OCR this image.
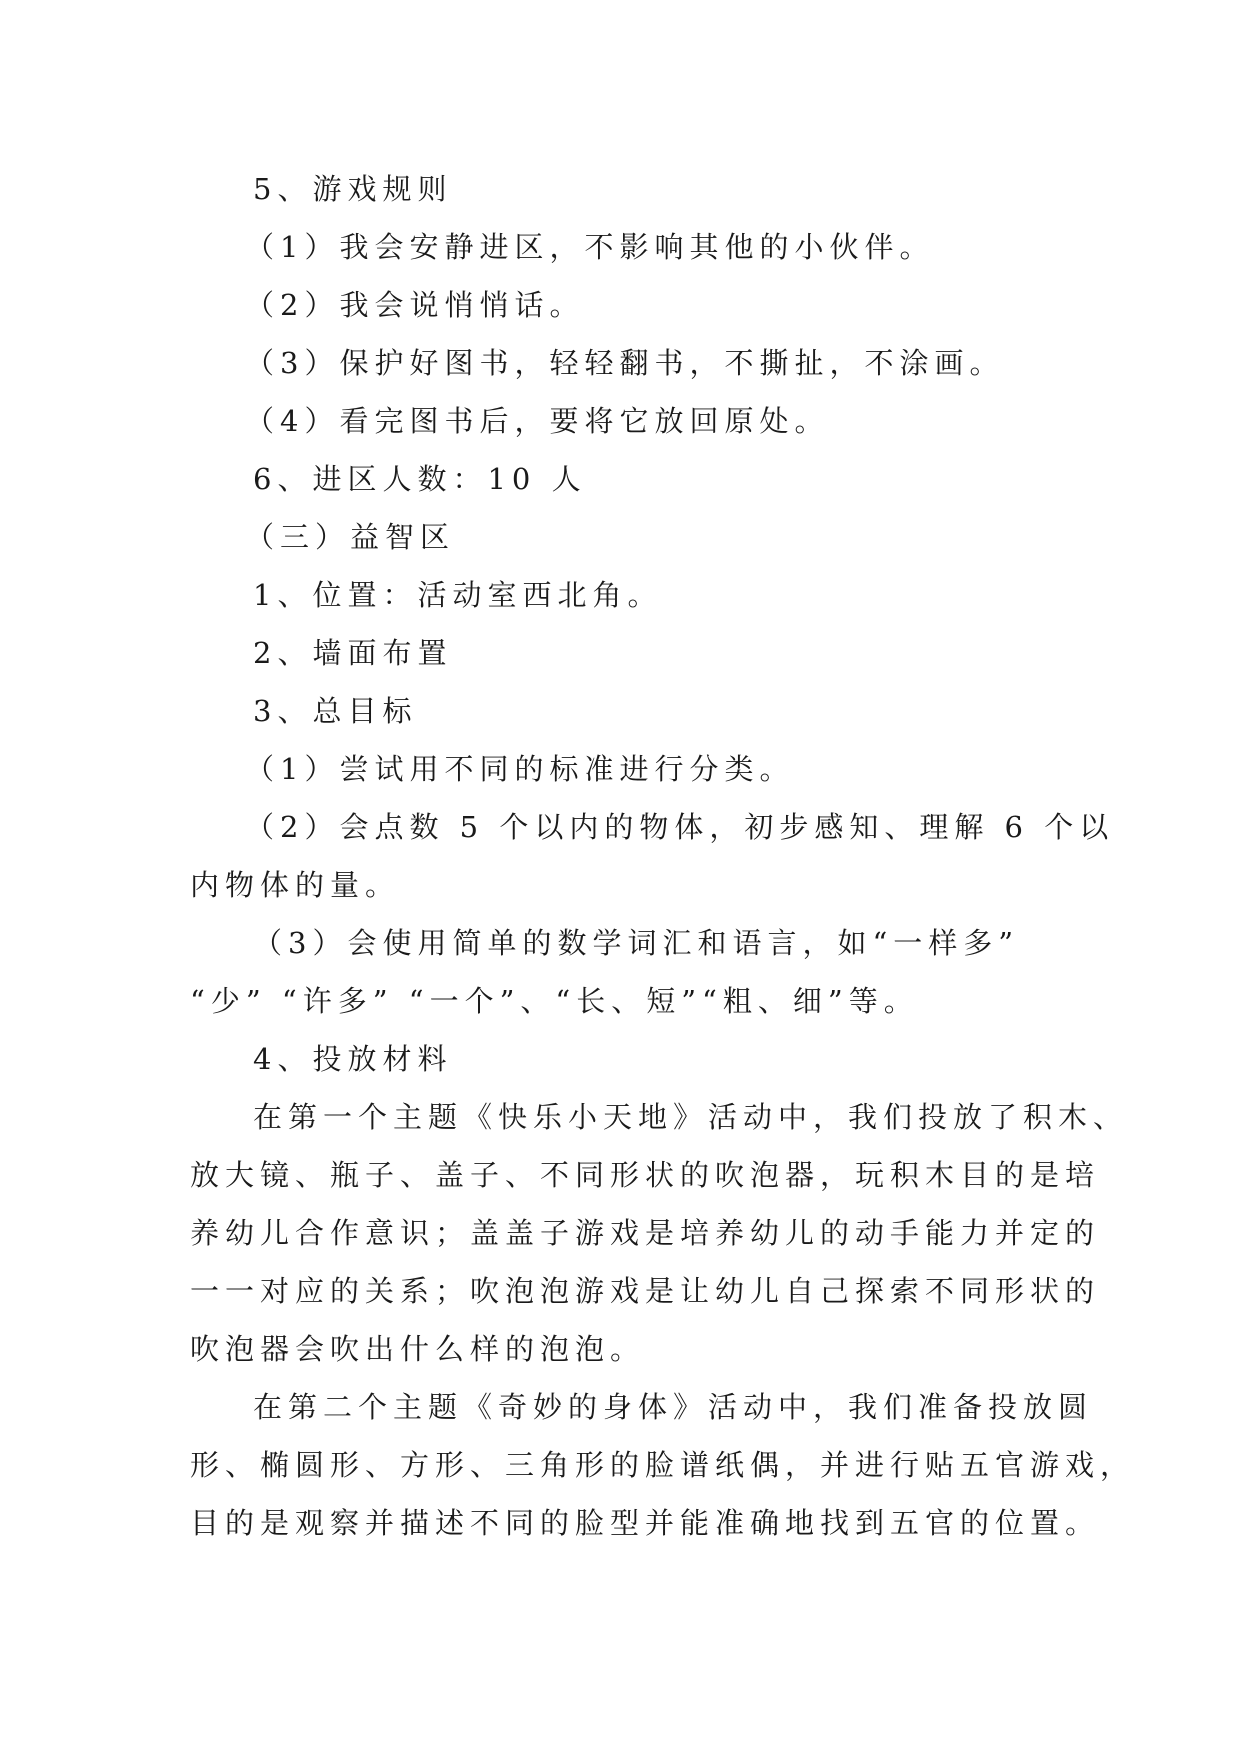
5、游戏规则
（1）我会安静进区，不影响其他的小伙伴。
（2）我会说悄悄话。
（3）保护好图书，轻轻翻书，不撕扯，不涂画。
（4）看完图书后，要将它放回原处。
6、进区人数：10 人
（三）益智区
1、位置：活动室西北角。
2、墙面布置
3、总目标
（1）尝试用不同的标准进行分类。
（2）会点数 5 个以内的物体，初步感知、理解 6 个以
内物体的量。
（3）会使用简单的数学词汇和语言，如“一样多”
“少” “许多” “一个”、“长、短”“粗、细”等。
4、投放材料
在第一个主题《快乐小天地》活动中，我们投放了积木、
放大镜、瓶子、盖子、不同形状的吹泡器，玩积木目的是培
养幼儿合作意识；盖盖子游戏是培养幼儿的动手能力并定的
一一对应的关系；吹泡泡游戏是让幼儿自己探索不同形状的
吹泡器会吹出什么样的泡泡。
在第二个主题《奇妙的身体》活动中，我们准备投放圆
形、椭圆形、方形、三角形的脸谱纸偶，并进行贴五官游戏，
目的是观察并描述不同的脸型并能准确地找到五官的位置。
